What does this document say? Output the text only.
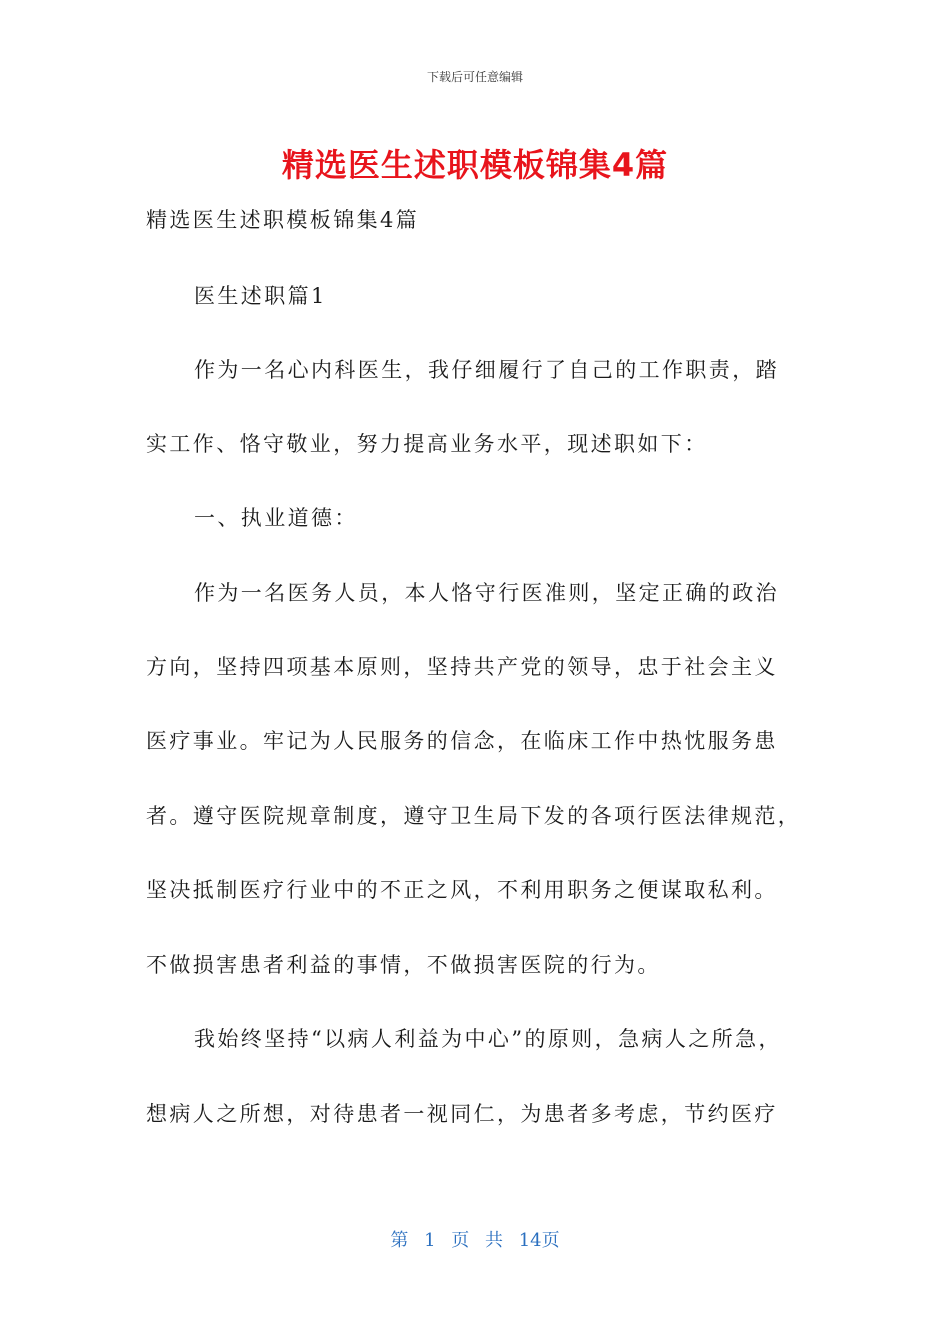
下载后可任意编辑
精选医生述职模板锦集4篇
精选医生述职模板锦集4篇
医生述职篇1
作为一名心内科医生，我仔细履行了自己的工作职责，踏
实工作、恪守敬业，努力提高业务水平，现述职如下：
一、执业道德：
作为一名医务人员，本人恪守行医准则，坚定正确的政治
方向，坚持四项基本原则，坚持共产党的领导，忠于社会主义
医疗事业。牢记为人民服务的信念，在临床工作中热忱服务患
者。遵守医院规章制度，遵守卫生局下发的各项行医法律规范，
坚决抵制医疗行业中的不正之风，不利用职务之便谋取私利。
不做损害患者利益的事情，不做损害医院的行为。
我始终坚持“以病人利益为中心”的原则，急病人之所急，
想病人之所想，对待患者一视同仁，为患者多考虑，节约医疗
第 1 页 共 14页
